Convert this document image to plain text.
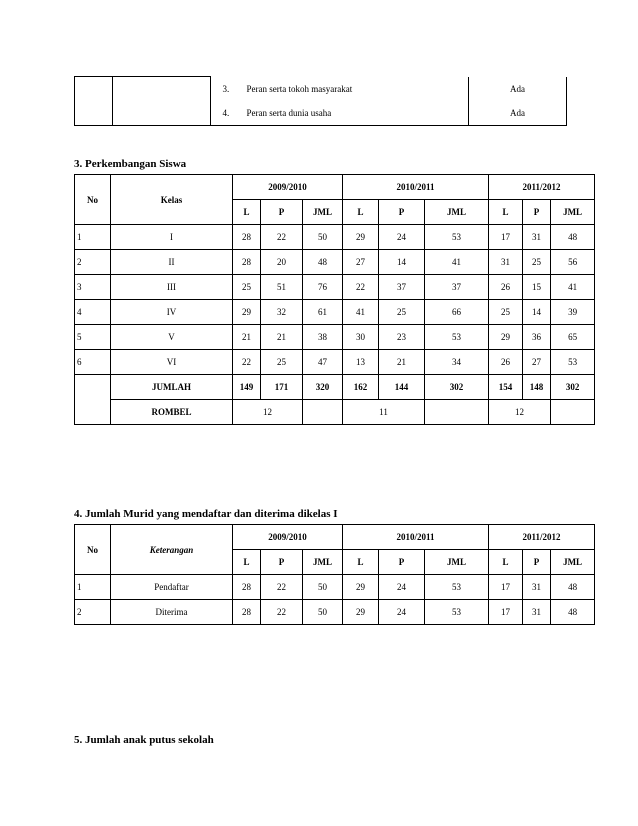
			3.	Peran serta tokoh masyarakat	Ada
			4.	Peran serta dunia usaha	Ada
3. Perkembangan Siswa
No	Kelas	2009/2010			2010/2011			2011/2012		
		L	P	JML	L	P	JML	L	P	JML
1	I	28	22	50	29	24	53	17	31	48
2	II	28	20	48	27	14	41	31	25	56
3	III	25	51	76	22	37	37	26	15	41
4	IV	29	32	61	41	25	66	25	14	39
5	V	21	21	38	30	23	53	29	36	65
6	VI	22	25	47	13	21	34	26	27	53
	JUMLAH	149	171	320	162	144	302	154	148	302
	ROMBEL	12			11			12		
4. Jumlah Murid yang mendaftar dan diterima dikelas I
No	Keterangan	2009/2010			2010/2011			2011/2012		
		L	P	JML	L	P	JML	L	P	JML
1	Pendaftar	28	22	50	29	24	53	17	31	48
2	Diterima	28	22	50	29	24	53	17	31	48
5. Jumlah anak putus sekolah
